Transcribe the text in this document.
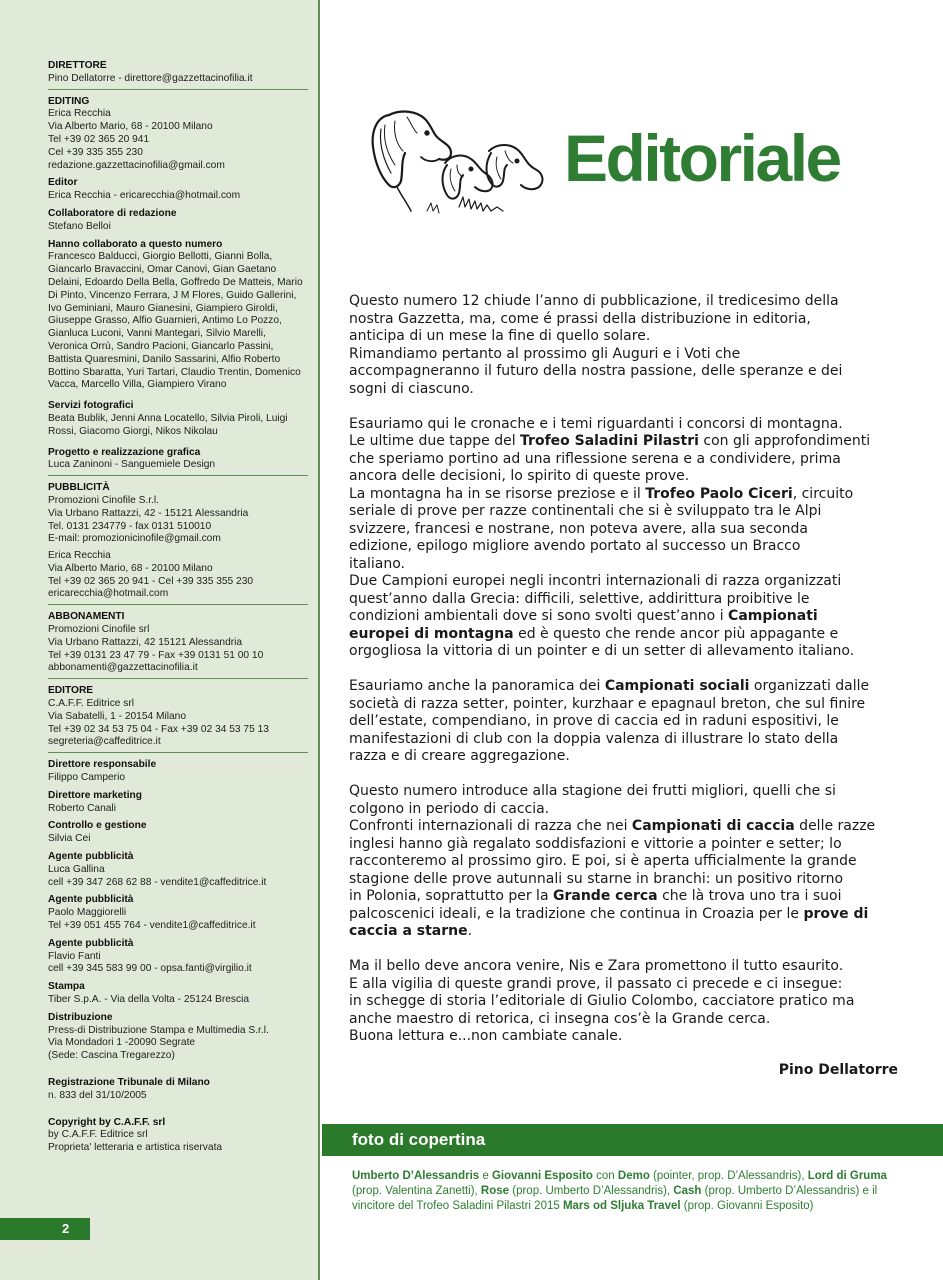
DIRETTORE
Pino Dellatorre - direttore@gazzettacinofilia.it
EDITING
Erica Recchia
Via Alberto Mario, 68 - 20100 Milano
Tel +39 02 365 20 941
Cel +39 335 355 230
redazione.gazzettacinofilia@gmail.com
Editor
Erica Recchia - ericarecchia@hotmail.com
Collaboratore di redazione
Stefano Belloi
Hanno collaborato a questo numero
Francesco Balducci, Giorgio Bellotti, Gianni Bolla, Giancarlo Bravaccini, Omar Canovi, Gian Gaetano Delaini, Edoardo Della Bella, Goffredo De Matteis, Mario Di Pinto, Vincenzo Ferrara, J M Flores, Guido Gallerini, Ivo Geminiani, Mauro Gianesini, Giampiero Giroldi, Giuseppe Grasso, Alfio Guarnieri, Antimo Lo Pozzo, Gianluca Luconi, Vanni Mantegari, Silvio Marelli, Veronica Orrù, Sandro Pacioni, Giancarlo Passini, Battista Quaresmini, Danilo Sassarini, Alfio Roberto Bottino Sbaratta, Yuri Tartari, Claudio Trentin, Domenico Vacca, Marcello Villa, Giampiero Virano
Servizi fotografici
Beata Bublik, Jenni Anna Locatello, Silvia Piroli, Luigi Rossi, Giacomo Giorgi, Nikos Nikolau
Progetto e realizzazione grafica
Luca Zaninoni - Sanguemiele Design
PUBBLICITÀ
Promozioni Cinofile S.r.l.
Via Urbano Rattazzi, 42 - 15121 Alessandria
Tel. 0131 234779 - fax 0131 510010
E-mail: promozionicinofile@gmail.com
Erica Recchia
Via Alberto Mario, 68 - 20100 Milano
Tel +39 02 365 20 941 - Cel +39 335 355 230
ericarecchia@hotmail.com
ABBONAMENTI
Promozioni Cinofile srl
Via Urbano Rattazzi, 42 15121 Alessandria
Tel +39 0131 23 47 79 - Fax +39 0131 51 00 10
abbonamenti@gazzettacinofilia.it
EDITORE
C.A.F.F. Editrice srl
Via Sabatelli, 1 - 20154 Milano
Tel +39 02 34 53 75 04 - Fax +39 02 34 53 75 13
segreteria@caffeditrice.it
Direttore responsabile
Filippo Camperio
Direttore marketing
Roberto Canali
Controllo e gestione
Silvia Cei
Agente pubblicità
Luca Gallina
cell +39 347 268 62 88 - vendite1@caffeditrice.it
Agente pubblicità
Paolo Maggiorelli
Tel +39 051 455 764 - vendite1@caffeditrice.it
Agente pubblicità
Flavio Fanti
cell +39 345 583 99 00 - opsa.fanti@virgilio.it
Stampa
Tiber S.p.A. - Via della Volta - 25124 Brescia
Distribuzione
Press-di Distribuzione Stampa e Multimedia S.r.l.
Via Mondadori 1 -20090 Segrate
(Sede: Cascina Tregarezzo)
Registrazione Tribunale di Milano
n. 833 del 31/10/2005
Copyright by C.A.F.F. srl
by C.A.F.F. Editrice srl
Proprieta' letteraria e artistica riservata
2
Editoriale

Questo numero 12 chiude l’anno di pubblicazione, il tredicesimo della
nostra Gazzetta, ma, come é prassi della distribuzione in editoria,
anticipa di un mese la fine di quello solare.
Rimandiamo pertanto al prossimo gli Auguri e i Voti che
accompagneranno il futuro della nostra passione, delle speranze e dei
sogni di ciascuno.

Esauriamo qui le cronache e i temi riguardanti i concorsi di montagna.
Le ultime due tappe del Trofeo Saladini Pilastri con gli approfondimenti
che speriamo portino ad una riflessione serena e a condividere, prima
ancora delle decisioni, lo spirito di queste prove.
La montagna ha in se risorse preziose e il Trofeo Paolo Ciceri, circuito
seriale di prove per razze continentali che si è sviluppato tra le Alpi
svizzere, francesi e nostrane, non poteva avere, alla sua seconda
edizione, epilogo migliore avendo portato al successo un Bracco
italiano.
Due Campioni europei negli incontri internazionali di razza organizzati
quest’anno dalla Grecia: difficili, selettive, addirittura proibitive le
condizioni ambientali dove si sono svolti quest’anno i Campionati
europei di montagna ed è questo che rende ancor più appagante e
orgogliosa la vittoria di un pointer e di un setter di allevamento italiano.

Esauriamo anche la panoramica dei Campionati sociali organizzati dalle
società di razza setter, pointer, kurzhaar e epagnaul breton, che sul finire
dell’estate, compendiano, in prove di caccia ed in raduni espositivi, le
manifestazioni di club con la doppia valenza di illustrare lo stato della
razza e di creare aggregazione.

Questo numero introduce alla stagione dei frutti migliori, quelli che si
colgono in periodo di caccia.
Confronti internazionali di razza che nei Campionati di caccia delle razze
inglesi hanno già regalato soddisfazioni e vittorie a pointer e setter; lo
racconteremo al prossimo giro. E poi, si è aperta ufficialmente la grande
stagione delle prove autunnali su starne in branchi: un positivo ritorno
in Polonia, soprattutto per la Grande cerca che là trova uno tra i suoi
palcoscenici ideali, e la tradizione che continua in Croazia per le prove di
caccia a starne.

Ma il bello deve ancora venire, Nis e Zara promettono il tutto esaurito.
E alla vigilia di queste grandi prove, il passato ci precede e ci insegue:
in schegge di storia l’editoriale di Giulio Colombo, cacciatore pratico ma
anche maestro di retorica, ci insegna cos’è la Grande cerca.
Buona lettura e...non cambiate canale.

Pino Dellatorre
foto di copertina
Umberto D’Alessandris e Giovanni Esposito con Demo (pointer, prop. D’Alessandris), Lord di Gruma
(prop. Valentina Zanetti), Rose (prop. Umberto D’Alessandris), Cash (prop. Umberto D’Alessandris) e il
vincitore del Trofeo Saladini Pilastri 2015 Mars od Sljuka Travel (prop. Giovanni Esposito)
